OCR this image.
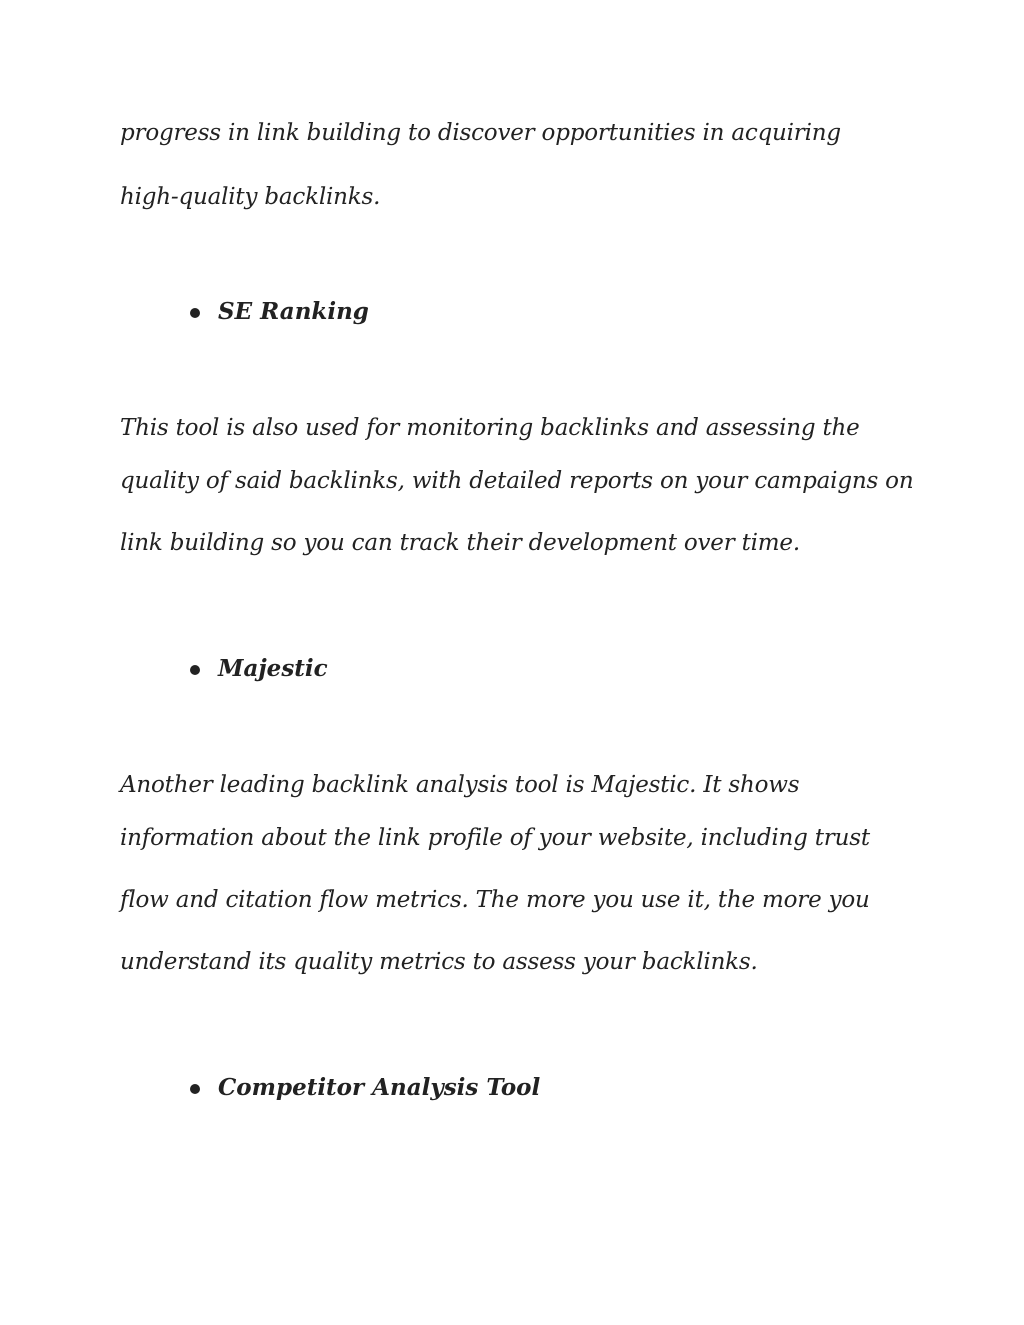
progress in link building to discover opportunities in acquiring
high-quality backlinks.
SE Ranking
This tool is also used for monitoring backlinks and assessing the
quality of said backlinks, with detailed reports on your campaigns on
link building so you can track their development over time.
Majestic
Another leading backlink analysis tool is Majestic. It shows
information about the link profile of your website, including trust
flow and citation flow metrics. The more you use it, the more you
understand its quality metrics to assess your backlinks.
Competitor Analysis Tool
